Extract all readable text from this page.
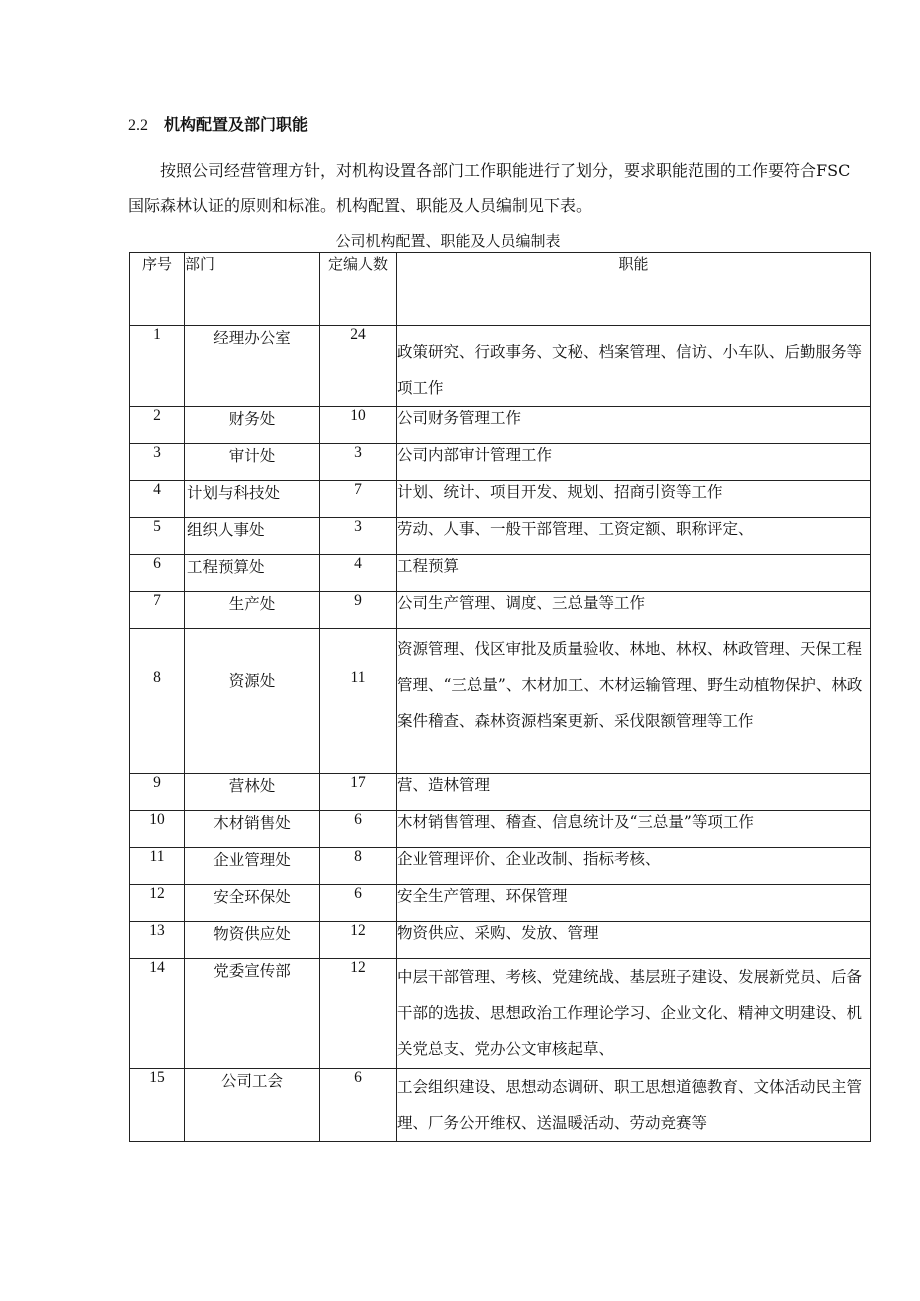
2.2 机构配置及部门职能

按照公司经营管理方针，对机构设置各部门工作职能进行了划分，要求职能范围的工作要符合FSC国际森林认证的原则和标准。机构配置、职能及人员编制见下表。

公司机构配置、职能及人员编制表
序号	部门	定编人数	职能
1	经理办公室	24	政策研究、行政事务、文秘、档案管理、信访、小车队、后勤服务等项工作
2	财务处	10	公司财务管理工作
3	审计处	3	公司内部审计管理工作
4	计划与科技处	7	计划、统计、项目开发、规划、招商引资等工作
5	组织人事处	3	劳动、人事、一般干部管理、工资定额、职称评定、
6	工程预算处	4	工程预算
7	生产处	9	公司生产管理、调度、三总量等工作
8	资源处	11	资源管理、伐区审批及质量验收、林地、林权、林政管理、天保工程管理、“三总量”、木材加工、木材运输管理、野生动植物保护、林政案件稽查、森林资源档案更新、采伐限额管理等工作
9	营林处	17	营、造林管理
10	木材销售处	6	木材销售管理、稽查、信息统计及“三总量”等项工作
11	企业管理处	8	企业管理评价、企业改制、指标考核、
12	安全环保处	6	安全生产管理、环保管理
13	物资供应处	12	物资供应、采购、发放、管理
14	党委宣传部	12	中层干部管理、考核、党建统战、基层班子建设、发展新党员、后备干部的选拔、思想政治工作理论学习、企业文化、精神文明建设、机关党总支、党办公文审核起草、
15	公司工会	6	工会组织建设、思想动态调研、职工思想道德教育、文体活动民主管理、厂务公开维权、送温暖活动、劳动竞赛等
